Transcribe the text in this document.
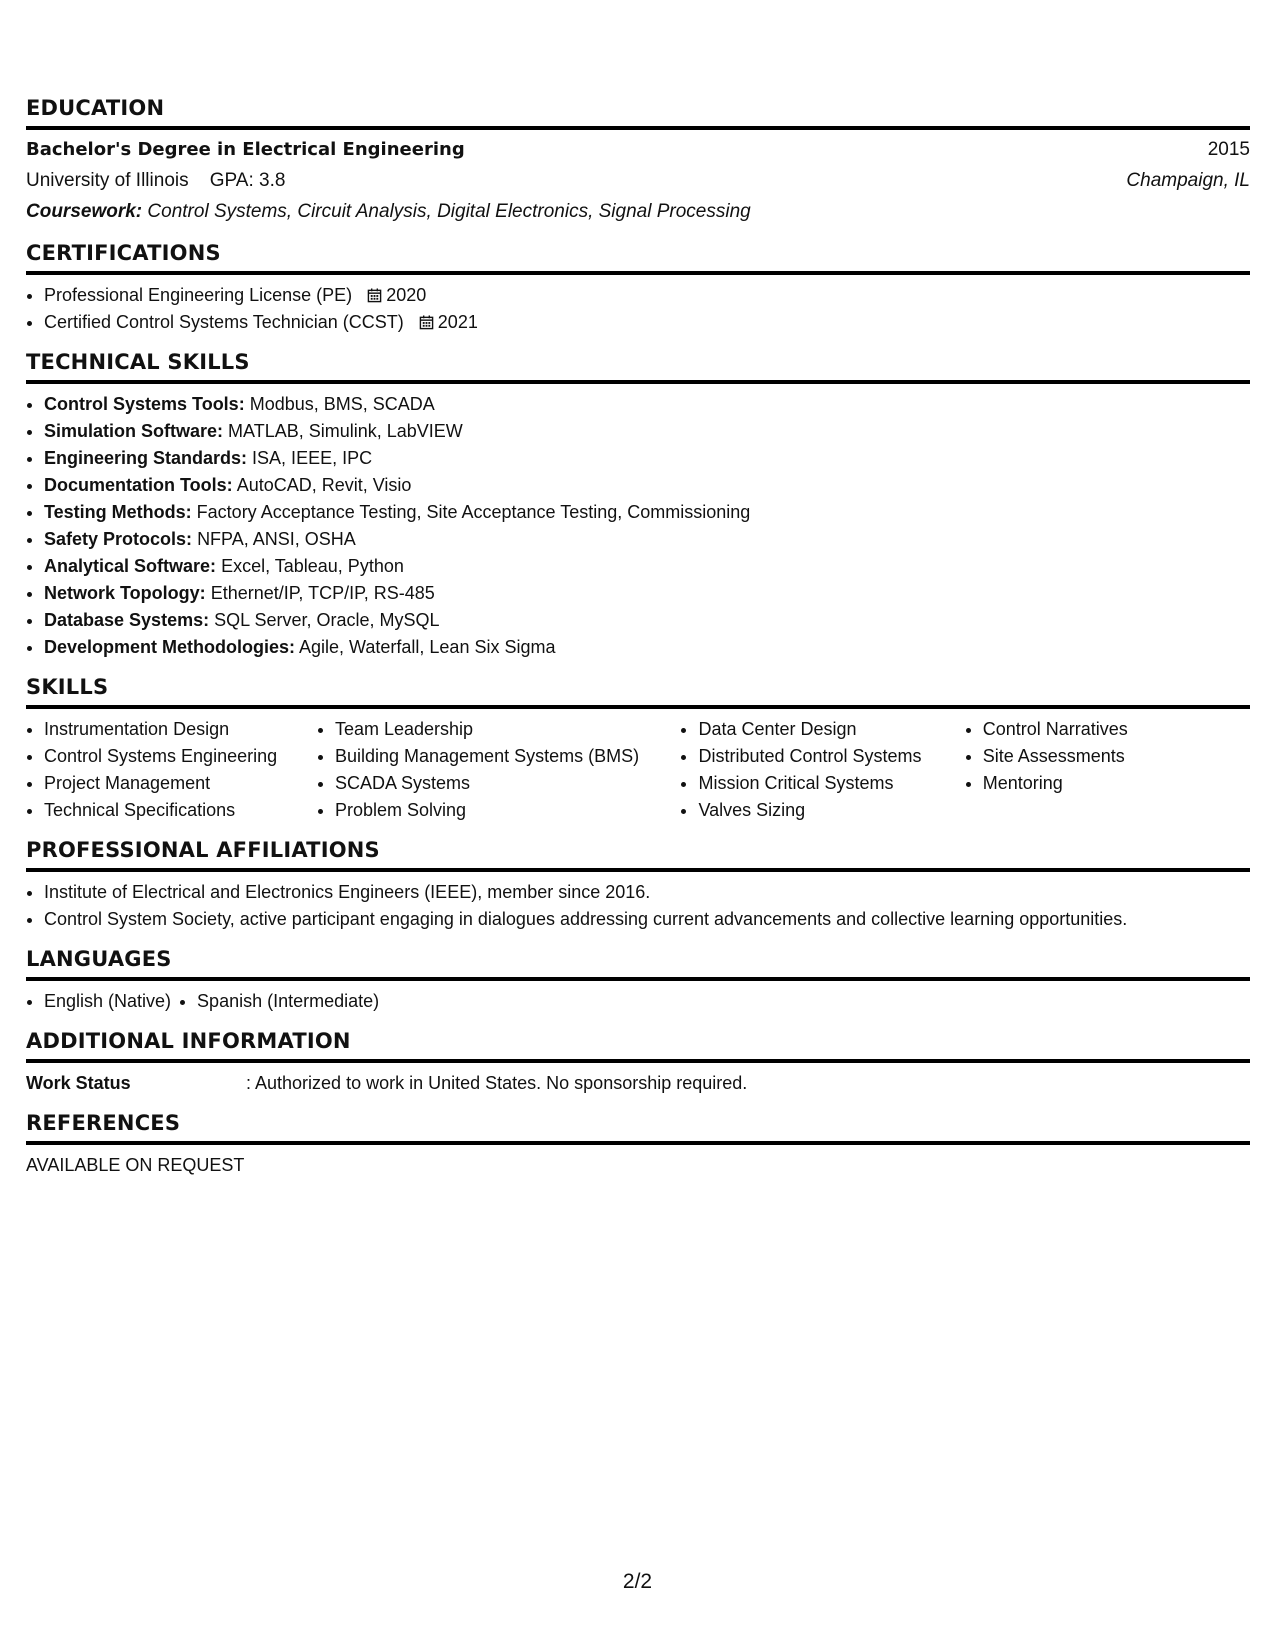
EDUCATION
Bachelor's Degree in Electrical Engineering	2015
University of Illinois GPA: 3.8	Champaign, IL
Coursework: Control Systems, Circuit Analysis, Digital Electronics, Signal Processing
CERTIFICATIONS
• Professional Engineering License (PE) 2020
• Certified Control Systems Technician (CCST) 2021
TECHNICAL SKILLS
• Control Systems Tools: Modbus, BMS, SCADA
• Simulation Software: MATLAB, Simulink, LabVIEW
• Engineering Standards: ISA, IEEE, IPC
• Documentation Tools: AutoCAD, Revit, Visio
• Testing Methods: Factory Acceptance Testing, Site Acceptance Testing, Commissioning
• Safety Protocols: NFPA, ANSI, OSHA
• Analytical Software: Excel, Tableau, Python
• Network Topology: Ethernet/IP, TCP/IP, RS-485
• Database Systems: SQL Server, Oracle, MySQL
• Development Methodologies: Agile, Waterfall, Lean Six Sigma
SKILLS
• Instrumentation Design
• Control Systems Engineering
• Project Management
• Technical Specifications
• Team Leadership
• Building Management Systems (BMS)
• SCADA Systems
• Problem Solving
• Data Center Design
• Distributed Control Systems
• Mission Critical Systems
• Valves Sizing
• Control Narratives
• Site Assessments
• Mentoring
PROFESSIONAL AFFILIATIONS
• Institute of Electrical and Electronics Engineers (IEEE), member since 2016.
• Control System Society, active participant engaging in dialogues addressing current advancements and collective learning opportunities.
LANGUAGES
• English (Native)
• Spanish (Intermediate)
ADDITIONAL INFORMATION
Work Status	: Authorized to work in United States. No sponsorship required.
REFERENCES
AVAILABLE ON REQUEST
2/2
